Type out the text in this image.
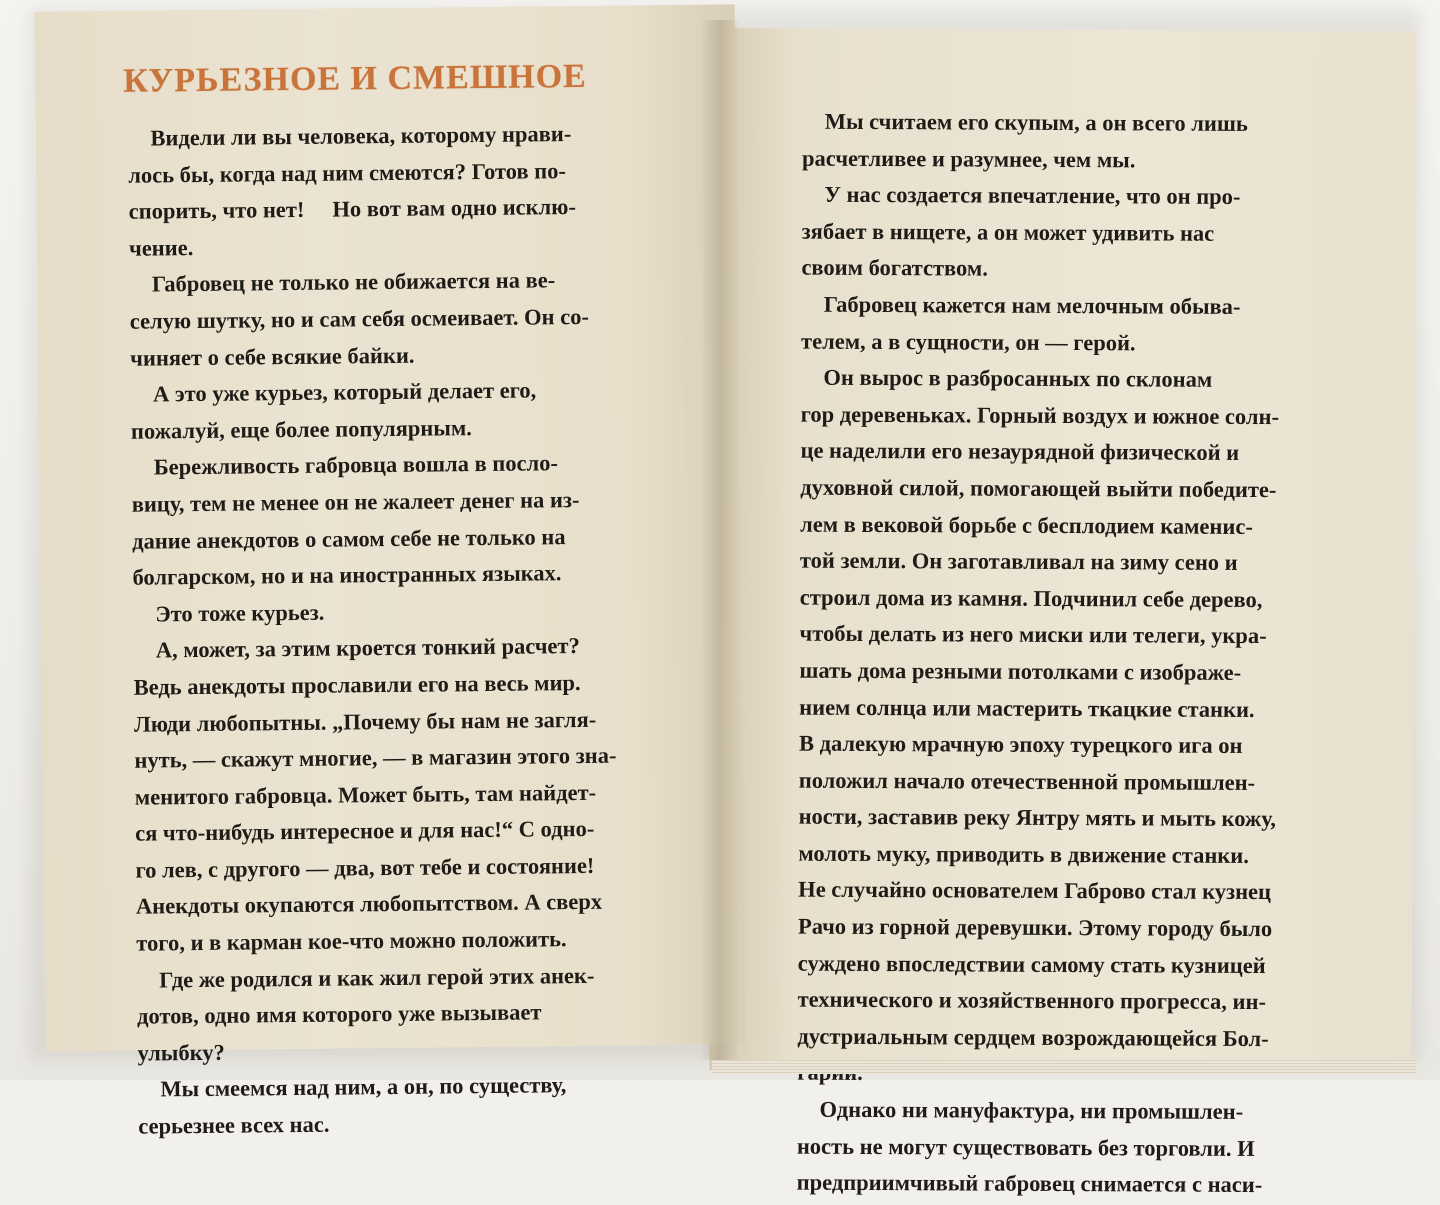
Мы считаем его скупым, а он всего лишь
расчетливее и разумнее, чем мы.
У нас создается впечатление, что он про-
зябает в нищете, а он может удивить нас
своим богатством.
Габровец кажется нам мелочным обыва-
телем, а в сущности, он — герой.
Он вырос в разбросанных по склонам
гор деревеньках. Горный воздух и южное солн-
це наделили его незаурядной физической и
духовной силой, помогающей выйти победите-
лем в вековой борьбе с бесплодием каменис-
той земли. Он заготавливал на зиму сено и
строил дома из камня. Подчинил себе дерево,
чтобы делать из него миски или телеги, укра-
шать дома резными потолками с изображе-
нием солнца или мастерить ткацкие станки.
В далекую мрачную эпоху турецкого ига он
положил начало отечественной промышлен-
ности, заставив реку Янтру мять и мыть кожу,
молоть муку, приводить в движение станки.
Не случайно основателем Габрово стал кузнец
Рачо из горной деревушки. Этому городу было
суждено впоследствии самому стать кузницей
технического и хозяйственного прогресса, ин-
дустриальным сердцем возрождающейся Бол-
Однако ни мануфактура, ни промышлен-
ность не могут существовать без торговли. И
предприимчивый габровец снимается с наси-
КУРЬЕЗНОЕ И СМЕШНОЕ
Видели ли вы человека, которому нрави-
лось бы, когда над ним смеются? Готов по-
спорить, что нет!     Но вот вам одно исклю-
чение.
Габровец не только не обижается на ве-
селую шутку, но и сам себя осмеивает. Он со-
чиняет о себе всякие байки.
А это уже курьез, который делает его,
пожалуй, еще более популярным.
Бережливость габровца вошла в посло-
вицу, тем не менее он не жалеет денег на из-
дание анекдотов о самом себе не только на
болгарском, но и на иностранных языках.
Это тоже курьез.
А, может, за этим кроется тонкий расчет?
Ведь анекдоты прославили его на весь мир.
Люди любопытны. „Почему бы нам не загля-
нуть, — скажут многие, — в магазин этого зна-
менитого габровца. Может быть, там найдет-
ся что-нибудь интересное и для нас!“ С одно-
го лев, с другого — два, вот тебе и состояние!
Анекдоты окупаются любопытством. А сверх
того, и в карман кое-что можно положить.
Где же родился и как жил герой этих анек-
дотов, одно имя которого уже вызывает
улыбку?
Мы смеемся над ним, а он, по существу,
серьезнее всех нас.
